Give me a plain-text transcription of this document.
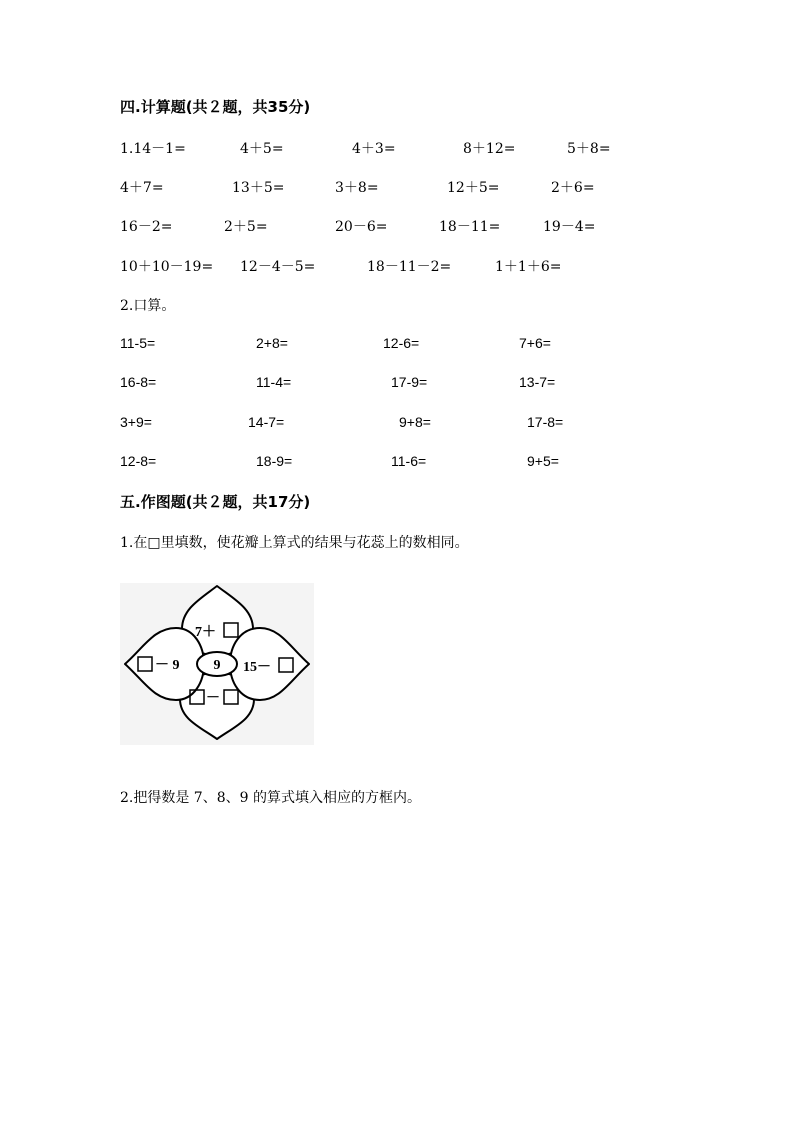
四.计算题(共２题，共35分)
1.14－1=	4＋5=	4＋3=	8＋12=	5＋8=
4＋7=	13＋5=	3＋8=	12＋5=	2＋6=
16－2=	2＋5=	20－6=	18－11=	19－4=
10＋10－19= 12－4－5=	18－11－2=	1＋1＋6=
2.口算。
11-5=	2+8=	12-6=	7+6=
16-8=	11-4=	17-9=	13-7=
3+9=	14-7=	9+8=	17-8=
12-8=	18-9=	11-6=	9+5=
五.作图题(共２题，共17分)
1.在□里填数，使花瓣上算式的结果与花蕊上的数相同。
9
7＋
－ 9	15－
－
2.把得数是 7、8、9 的算式填入相应的方框内。
